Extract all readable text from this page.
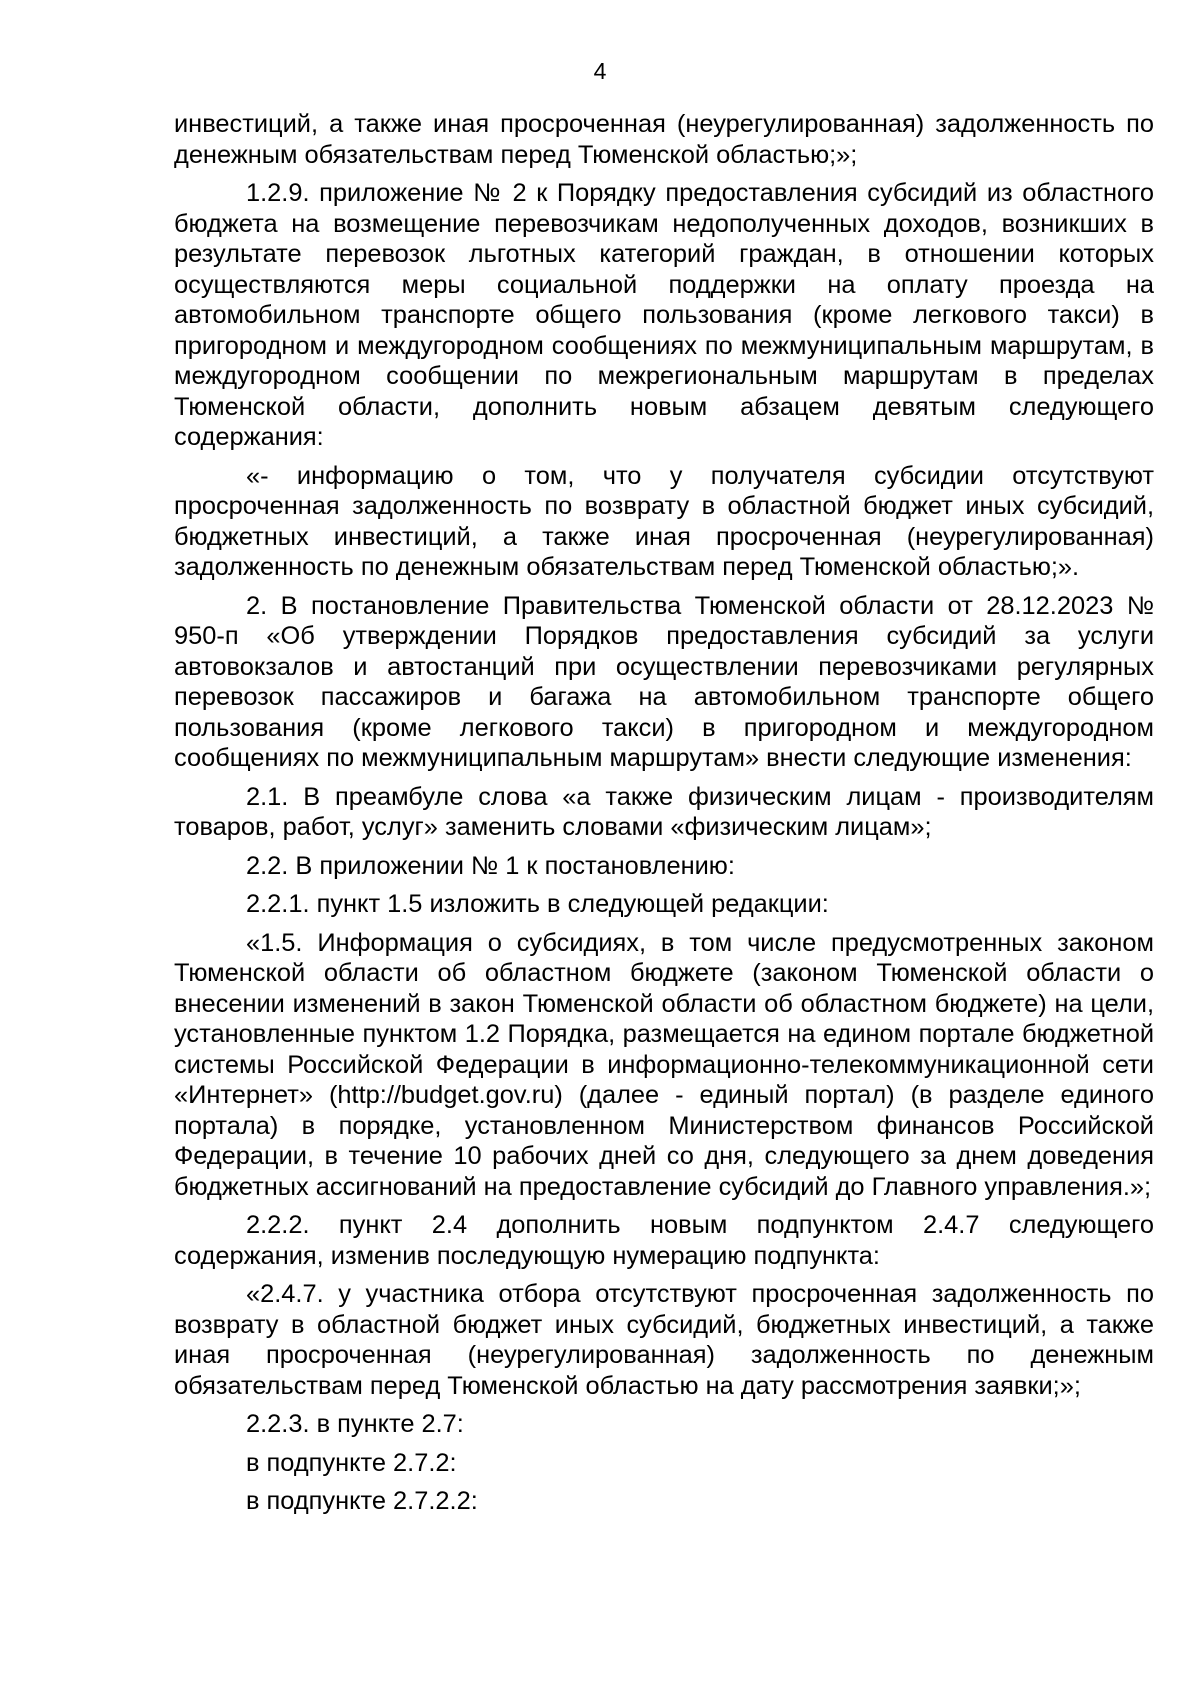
4

инвестиций, а также иная просроченная (неурегулированная) задолженность по денежным обязательствам перед Тюменской областью;»;

1.2.9. приложение № 2 к Порядку предоставления субсидий из областного бюджета на возмещение перевозчикам недополученных доходов, возникших в результате перевозок льготных категорий граждан, в отношении которых осуществляются меры социальной поддержки на оплату проезда на автомобильном транспорте общего пользования (кроме легкового такси) в пригородном и междугородном сообщениях по межмуниципальным маршрутам, в междугородном сообщении по межрегиональным маршрутам в пределах Тюменской области, дополнить новым абзацем девятым следующего содержания:

«- информацию о том, что у получателя субсидии отсутствуют просроченная задолженность по возврату в областной бюджет иных субсидий, бюджетных инвестиций, а также иная просроченная (неурегулированная) задолженность по денежным обязательствам перед Тюменской областью;».

2. В постановление Правительства Тюменской области от 28.12.2023 № 950-п «Об утверждении Порядков предоставления субсидий за услуги автовокзалов и автостанций при осуществлении перевозчиками регулярных перевозок пассажиров и багажа на автомобильном транспорте общего пользования (кроме легкового такси) в пригородном и междугородном сообщениях по межмуниципальным маршрутам» внести следующие изменения:

2.1. В преамбуле слова «а также физическим лицам - производителям товаров, работ, услуг» заменить словами «физическим лицам»;

2.2. В приложении № 1 к постановлению:

2.2.1. пункт 1.5 изложить в следующей редакции:

«1.5. Информация о субсидиях, в том числе предусмотренных законом Тюменской области об областном бюджете (законом Тюменской области о внесении изменений в закон Тюменской области об областном бюджете) на цели, установленные пунктом 1.2 Порядка, размещается на едином портале бюджетной системы Российской Федерации в информационно-телекоммуникационной сети «Интернет» (http://budget.gov.ru) (далее - единый портал) (в разделе единого портала) в порядке, установленном Министерством финансов Российской Федерации, в течение 10 рабочих дней со дня, следующего за днем доведения бюджетных ассигнований на предоставление субсидий до Главного управления.»;

2.2.2. пункт 2.4 дополнить новым подпунктом 2.4.7 следующего содержания, изменив последующую нумерацию подпункта:

«2.4.7. у участника отбора отсутствуют просроченная задолженность по возврату в областной бюджет иных субсидий, бюджетных инвестиций, а также иная просроченная (неурегулированная) задолженность по денежным обязательствам перед Тюменской областью на дату рассмотрения заявки;»;

2.2.3. в пункте 2.7:

в подпункте 2.7.2:

в подпункте 2.7.2.2:
